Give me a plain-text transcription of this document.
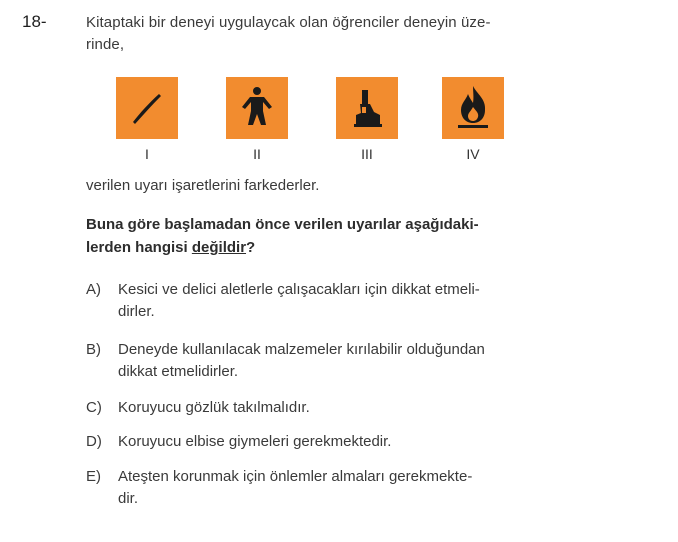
18-	Kitaptaki bir deneyi uygulaycak olan öğrenciler deneyin üze-
rinde,
I	II	III	IV
verilen uyarı işaretlerini farkederler.
Buna göre başlamadan önce verilen uyarılar aşağıdaki-
lerden hangisi değildir?
A) Kesici ve delici aletlerle çalışacakları için dikkat etmeli-
dirler.
B) Deneyde kullanılacak malzemeler kırılabilir olduğundan
dikkat etmelidirler.
C) Koruyucu gözlük takılmalıdır.
D) Koruyucu elbise giymeleri gerekmektedir.
E) Ateşten korunmak için önlemler almaları gerekmekte-
dir.
